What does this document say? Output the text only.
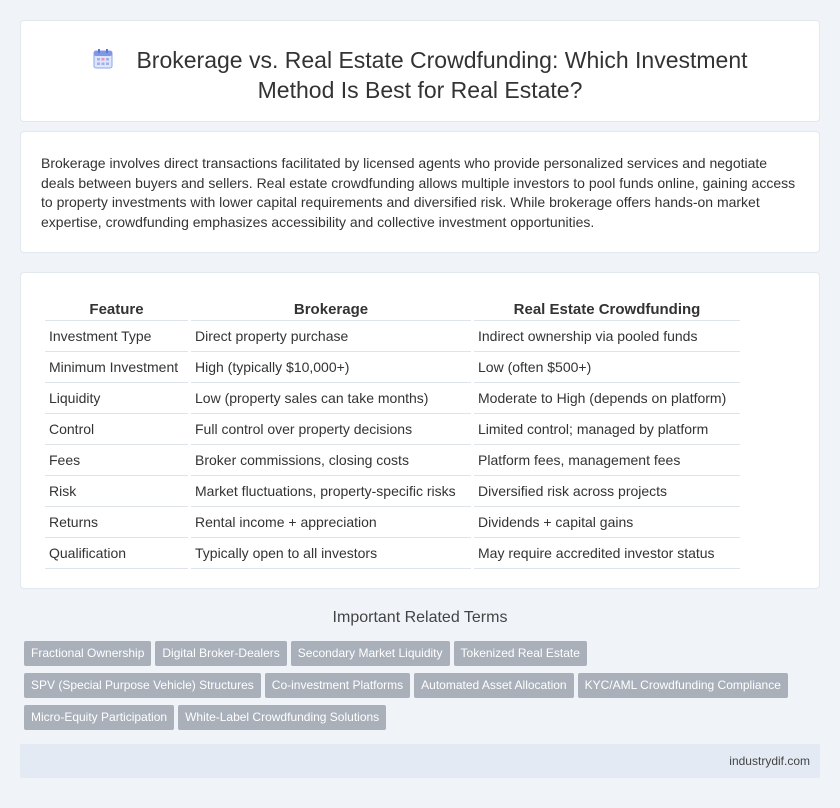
Brokerage vs. Real Estate Crowdfunding: Which Investment
Method Is Best for Real Estate?

Brokerage involves direct transactions facilitated by licensed agents who provide personalized services and negotiate deals between buyers and sellers. Real estate crowdfunding allows multiple investors to pool funds online, gaining access to property investments with lower capital requirements and diversified risk. While brokerage offers hands-on market expertise, crowdfunding emphasizes accessibility and collective investment opportunities.

Feature	Brokerage	Real Estate Crowdfunding
Investment Type	Direct property purchase	Indirect ownership via pooled funds
Minimum Investment	High (typically $10,000+)	Low (often $500+)
Liquidity	Low (property sales can take months)	Moderate to High (depends on platform)
Control	Full control over property decisions	Limited control; managed by platform
Fees	Broker commissions, closing costs	Platform fees, management fees
Risk	Market fluctuations, property-specific risks	Diversified risk across projects
Returns	Rental income + appreciation	Dividends + capital gains
Qualification	Typically open to all investors	May require accredited investor status
Important Related Terms
Fractional Ownership Digital Broker-Dealers Secondary Market Liquidity Tokenized Real Estate
SPV (Special Purpose Vehicle) Structures Co-investment Platforms Automated Asset Allocation KYC/AML Crowdfunding Compliance
Micro-Equity Participation White-Label Crowdfunding Solutions
industrydif.com
